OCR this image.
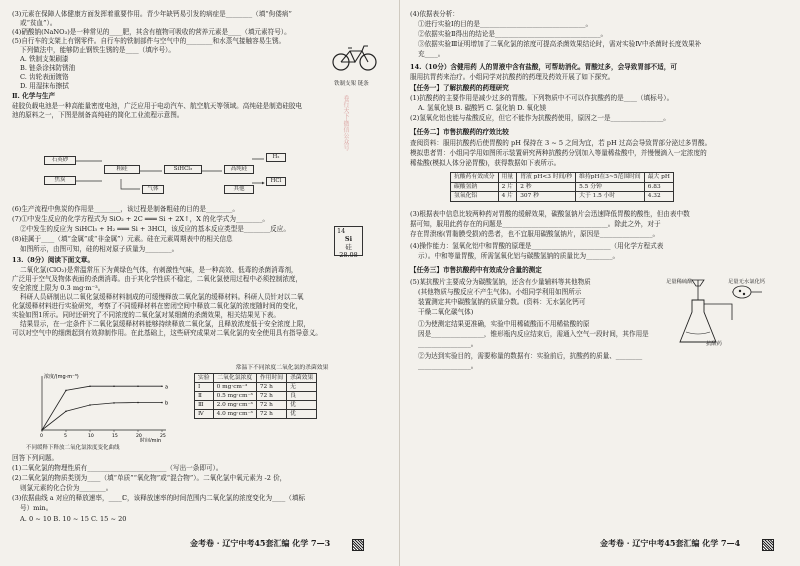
(3)元素在保障人体健康方面发挥着重要作用。青少年缺钙易引发的病症是________（填“佝偻病”
或“贫血”）。
(4)硝酸钠(NaNO₃)是一种常见的____肥，其含有植物可吸收的营养元素是____（填元素符号）。
(5)自行车的支架上有钢零件。自行车的铁制部件与空气中的________和水蒸气接触容易生锈。
下列做法中，能够防止钢铁生锈的是____（填序号）。
A. 铁制支架刷漆
B. 链条涂抹防锈油
C. 齿轮表面镀铬
D. 用湿抹布擦拭	铁制支架 链条
Ⅱ. 化学与生产
硅胶负载电池是一种高能量密度电池，广泛应用于电动汽车、航空航天等领域。高纯硅是制造硅胶电
池的原料之一，下图是制备高纯硅的简化工业流程示意图。
石英砂
焦炭
粗硅	SiHCl₃	高纯硅
HCl
H₂
气体	其他
(6)生产流程中焦炭的作用是________，该过程是制备粗硅的目的是________。
(7)①中发生反应的化学方程式为 SiO₂ + 2C ═══ Si + 2X↑，X 的化学式为________。
②中发生的反应为 SiHCl₃ + H₂ ═══ Si + 3HCl，该反应的基本反应类型是________反应。
(8)硅属于____（填“金属”或“非金属”）元素。硅在元素周期表中的相关信息
如图所示，由图可知，硅的相对原子质量为________。
14
Si
硅
28.08
13.（8分）阅读下面文章。
二氧化氯(ClO₂)是常温常压下为黄绿色气体，有刺激性气味，是一种高效、低毒的杀菌消毒剂，
广泛用于空气及物体表面的杀菌消毒。由于其化学性质不稳定，二氧化氯使用过程中必须控制浓度，
安全浓度上限为 0.3 mg·m⁻³。
科研人员研制出以二氧化氯缓释材料制成的可缓慢释放二氧化氯的缓释材料。科研人员针对以二氧
化氯缓释材料进行实验研究，考察了不同缓释材料在密闭空间中释放二氧化氯的浓度随时间的变化，
实验如图1所示。同时还研究了不同浓度的二氧化氯对某细菌的杀菌效果，相关结果见下表。
结果显示，在一定条件下二氧化氯缓释材料能够持续释放二氧化氯，且释放浓度低于安全浓度上限，
可以对空气中的细菌起到有效抑制作用。在此基础上，这些研究成果对二氧化氯的安全使用具有指导意义。
浓度/(mg·m⁻³)
时间/min
0	5	10	15	20	25
a
b
不同缓释下释放二氧化氯浓度变化曲线
常温下不同浓度二氧化氯的杀菌效果
实验	二氧化氯浓度	作用时间	杀菌效果
Ⅰ	0 mg·cm⁻³	72 h	无
Ⅱ	0.5 mg·cm⁻³	72 h	良
Ⅲ	2.0 mg·cm⁻³	72 h	优
Ⅳ	4.0 mg·cm⁻³	72 h	优
回答下列问题。
(1)二氧化氯的物理性质有________________________（写出一条即可）。
(2)二氧化氯的物质类别为____（填“单质”“氧化物”或“混合物”）。二氧化氯中氧元素为 -2 价，
则氯元素的化合价为________。
(3)依据曲线 a 对应的释放速率，____ℂ，该释放速率的时间范围内二氧化氯的浓度变化为____（填标
号）min。
A. 0 ~ 10 B. 10 ~ 15 C. 15 ~ 20
卷行天下·微信公众号
(4)依据表分析：
①进行实验Ⅰ的目的是________________________________。
②依据实验Ⅱ得出的结论是________________________________。
③依据实验Ⅲ证明增加了二氧化氯的浓度可提高杀菌效果结论时，需对实验Ⅳ中杀菌时长度效果补
充____。
14.（10分）含健用药 人的胃液中含有盐酸，可帮助消化。胃酸过多，会导致胃部不适，可
服用抗胃药来治疗。小组同学对抗酸药的药理及药效开展了如下探究。
【任务一】了解抗酸药的药理研究
(1)抗酸药的主要作用是减少过多的胃酸。下列物质中不可以作抗酸药的是____（填标号）。
A. 氢氧化镁 B. 碳酸钙 C. 氯化钠 D. 氧化镁
(2)氢氧化铝也能与盐酸反应，但它不能作为抗酸药使用，原因之一是________________。
【任务二】市售抗酸药的疗效比较
查阅资料：服用抗酸药后使胃酸的 pH 保持在 3 ~ 5 之间为宜，若 pH 过高会导致胃部分泌过多胃酸。
模拟患者胃：小组同学用如图所示装置研究两种抗酸药分别加入等量稀盐酸中，并慢慢滴入一定浓度的
稀盐酸(模拟人体分泌胃酸)，获得数据如下表所示。
抗酸药有效成分	用量	胃液 pH<3 时间/秒	维持pH在3~5范围时间	最大 pH
碳酸氢钠	2 片	2 秒	5.5 分钟	6.83
氢氧化铝	4 片	307 秒	大于 1.5 小时	4.32
(3)根据表中信息比较两种药对胃酸的缓解效果，碳酸氢钠片会迅速降低胃酸的酸性，但由表中数
据可知，服用此药存在的问题是________________________________。除此之外，对于
存在胃溃疡(胃黏膜受损)的患者，也不宜服用碳酸氢钠片，原因是________________。
(4)操作能力：氢氧化铝中和胃酸的原理是________________________（用化学方程式表
示）。中和等量胃酸，所需氢氧化铝与碳酸氢钠的质量比为________。
【任务三】市售抗酸药中有效成分含量的测定
(5)某抗酸片主要成分为碳酸氢钠，还含有少量辅料等其他物质
(其他物质与酸反应不产生气体)。小组同学利用如图所示
装置测定其中碳酸氢钠的质量分数。(资料：无水氯化钙可
干燥二氧化碳气体)
①为使测定结果更准确，实验中用稀硫酸而不用稀盐酸的原
因是________________，锥形瓶内反应结束后，需通入空气一段时间，其作用是
________________。
②为达到实验目的，需要称量的数据有：实验前后，抗酸药的质量、________
________________。
足量稀硫酸	足量无水氯化钙
抗酸药
金考卷 · 辽宁中考45套汇编 化学 7—3	金考卷 · 辽宁中考45套汇编 化学 7—4
